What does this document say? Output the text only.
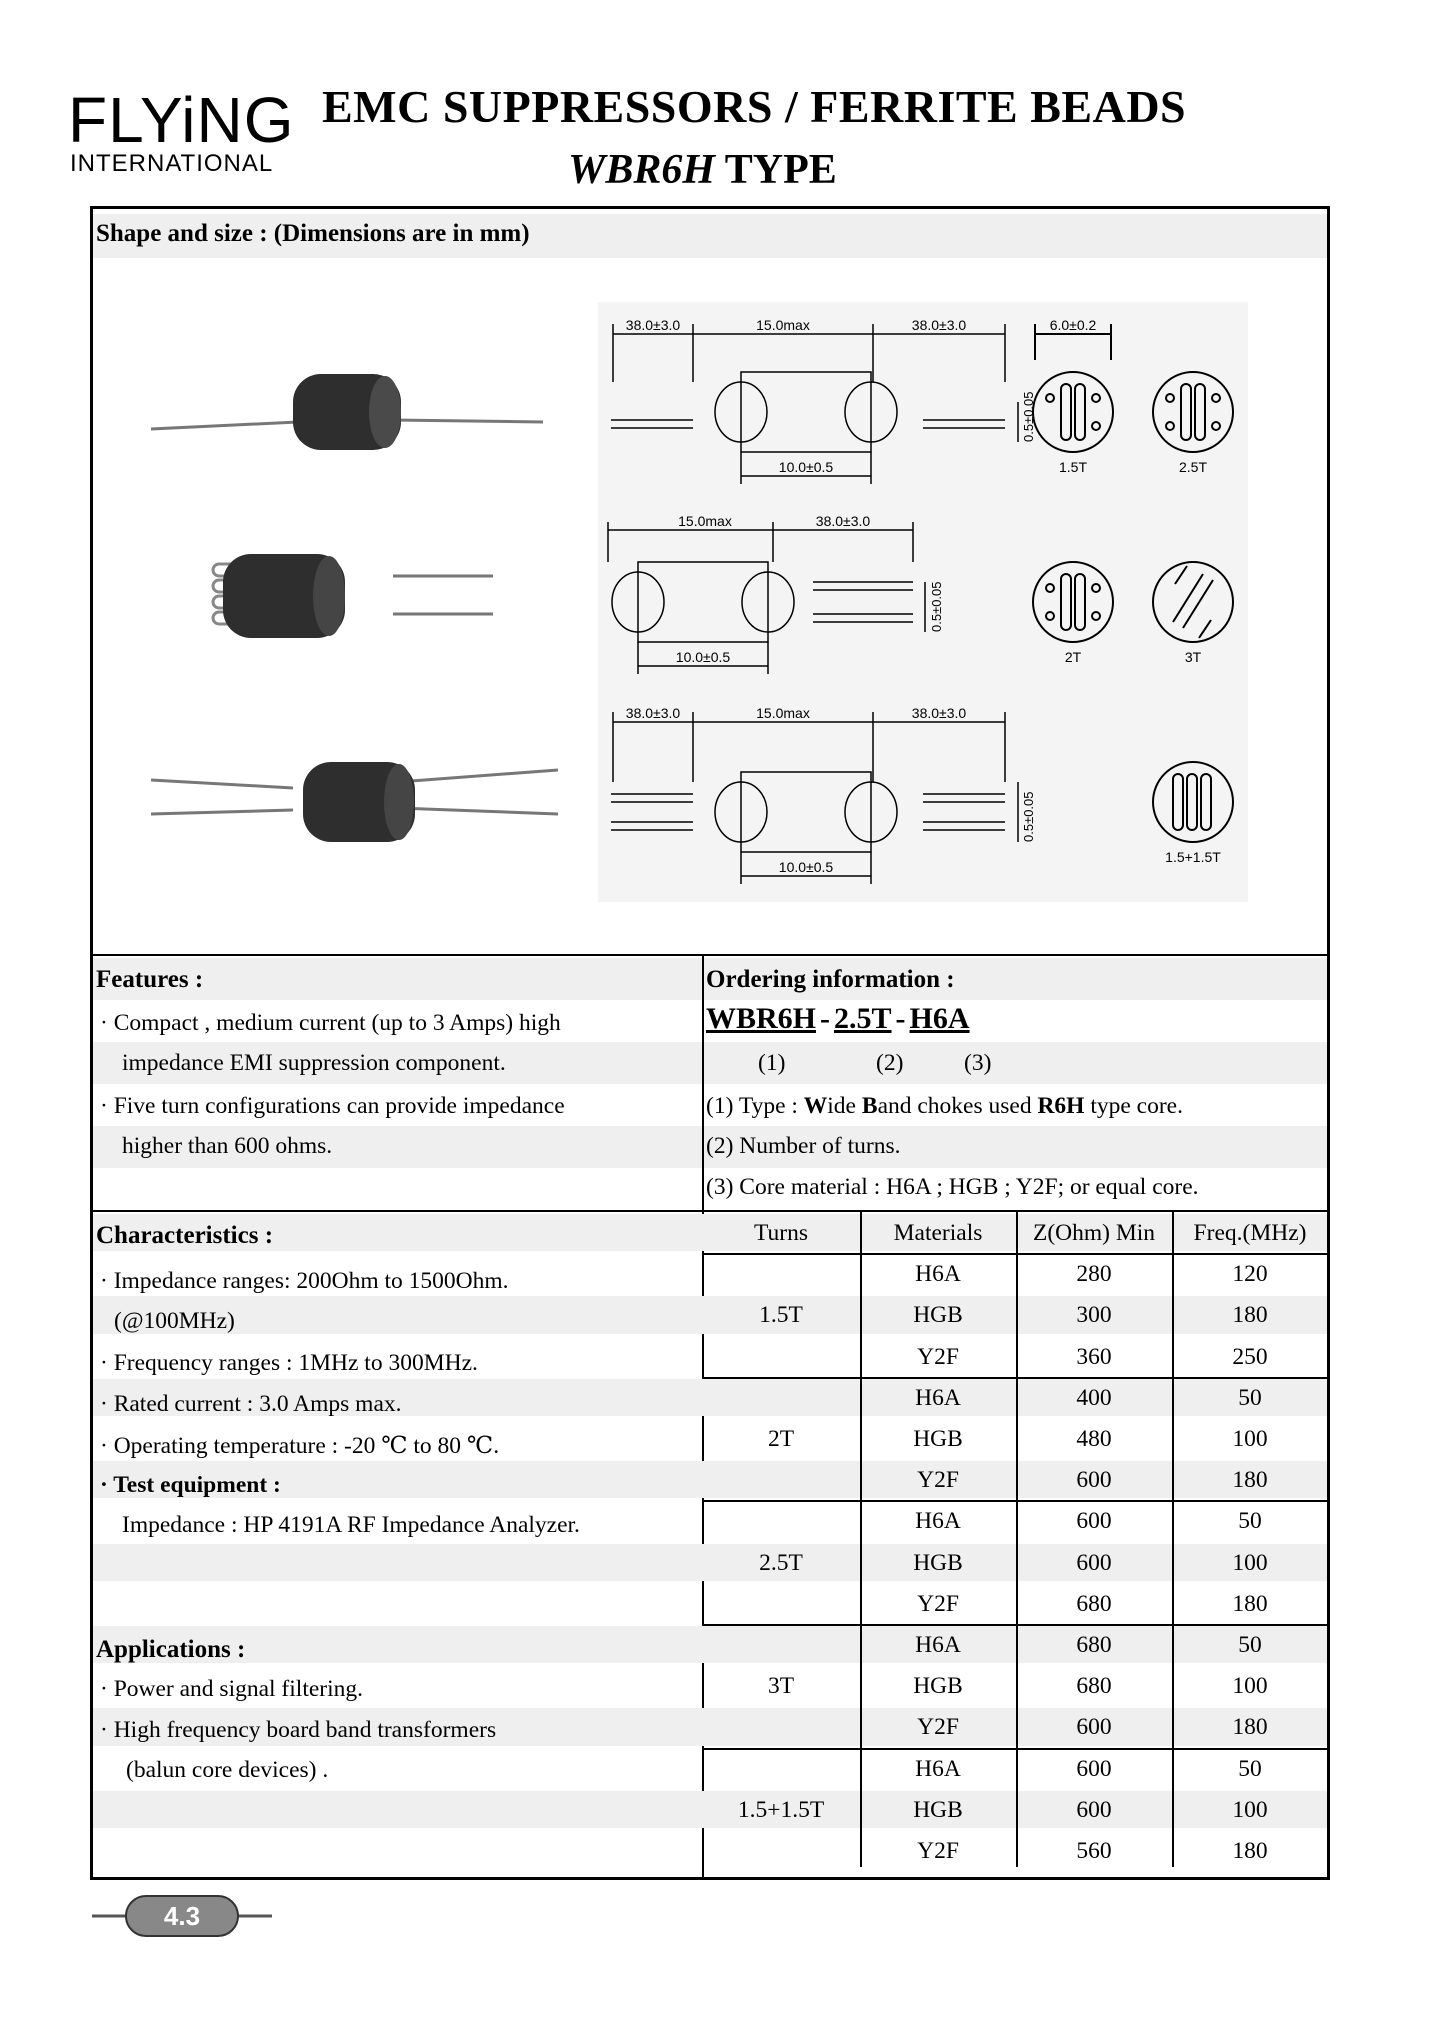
FLYiNG
INTERNATIONAL
EMC SUPPRESSORS / FERRITE BEADS
WBR6H TYPE
Shape and size : (Dimensions are in mm)
38.0±3.0	15.0max	38.0±3.0	6.0±0.2
10.0±0.5
0.5±0.05
1.5T	2.5T
15.0max	38.0±3.0
10.0±0.5
0.5±0.05
2T	3T
38.0±3.0	15.0max	38.0±3.0
10.0±0.5
0.5±0.05
1.5+1.5T
Features :
· Compact , medium current (up to 3 Amps) high
impedance EMI suppression component.
· Five turn configurations can provide impedance
higher than 600 ohms.
Ordering information :
WBR6H - 2.5T - H6A
(1)	(2)	(3)
(1) Type : Wide Band chokes used R6H type core.
(2) Number of turns.
(3) Core material : H6A ; HGB ; Y2F; or equal core.
Characteristics :
· Impedance ranges: 200Ohm to 1500Ohm.
(@100MHz)
· Frequency ranges : 1MHz to 300MHz.
· Rated current : 3.0 Amps max.
· Operating temperature : -20 ℃ to 80 ℃.
· Test equipment :
Impedance : HP 4191A RF Impedance Analyzer.
Applications :
· Power and signal filtering.
· High frequency board band transformers
(balun core devices) .
Turns	Materials	Z(Ohm) Min	Freq.(MHz)
1.5T
H6A	280	120
HGB	300	180
Y2F	360	250
2T
H6A	400	50
HGB	480	100
Y2F	600	180
2.5T
H6A	600	50
HGB	600	100
Y2F	680	180
3T
H6A	680	50
HGB	680	100
Y2F	600	180
1.5+1.5T
H6A	600	50
HGB	600	100
Y2F	560	180
4.3
